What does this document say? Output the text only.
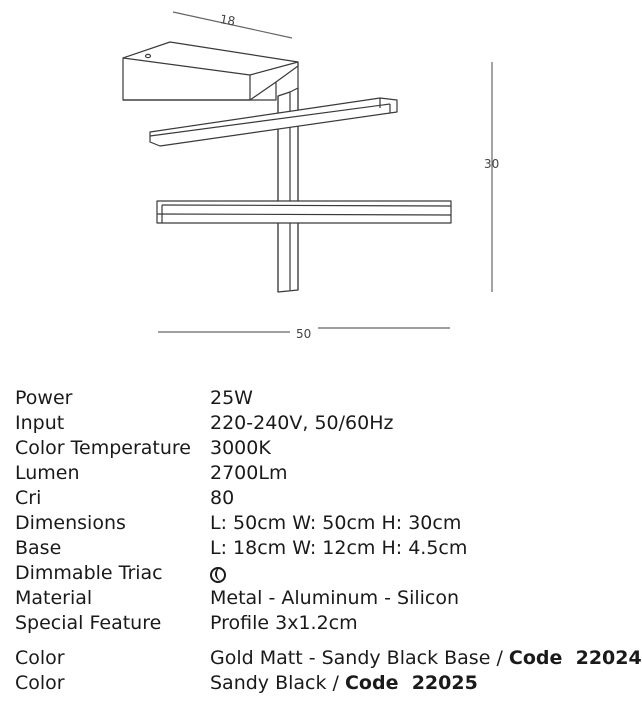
18
30
50
Power	25W
Input	220-240V, 50/60Hz
Color Temperature 3000K
Lumen	2700Lm
Cri	80
Dimensions	L: 50cm W: 50cm H: 30cm
Base	L: 18cm W: 12cm H: 4.5cm
Dimmable Triac
Material	Metal - Aluminum - Silicon
Special Feature	Profile 3x1.2cm
Color	Gold Matt - Sandy Black Base / Code  22024
Color	Sandy Black / Code  22025
